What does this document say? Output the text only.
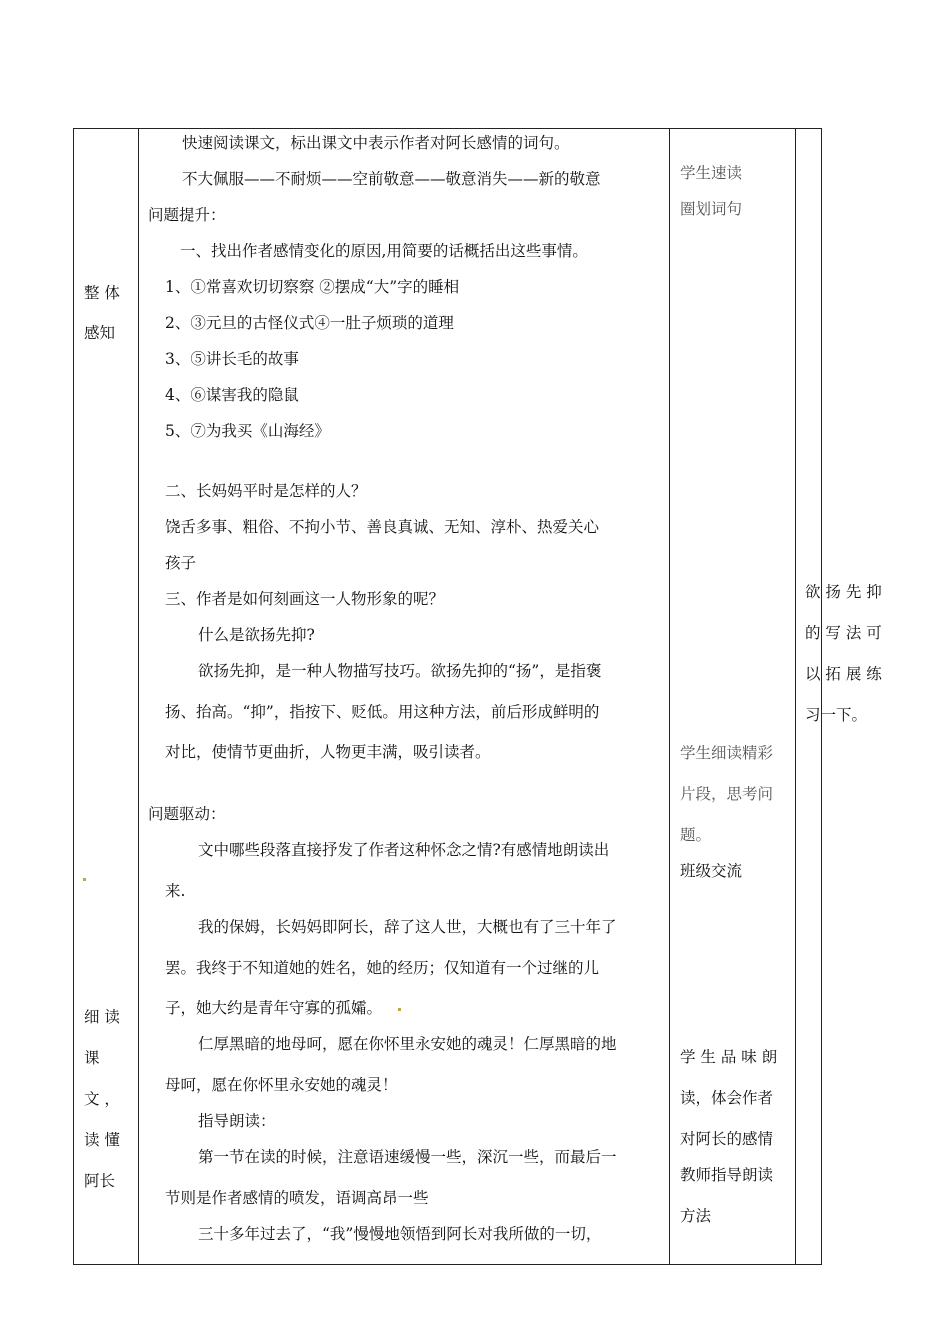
整 体
感知
细 读
课
文 ，
读 懂
阿长
快速阅读课文，标出课文中表示作者对阿长感情的词句。
不大佩服——不耐烦——空前敬意——敬意消失——新的敬意
问题提升：
一、找出作者感情变化的原因,用简要的话概括出这些事情。
1、①常喜欢切切察察 ②摆成“大”字的睡相
2、③元旦的古怪仪式④一肚子烦琐的道理
3、⑤讲长毛的故事
4、⑥谋害我的隐鼠
5、⑦为我买《山海经》
二、长妈妈平时是怎样的人？
饶舌多事、粗俗、不拘小节、善良真诚、无知、淳朴、热爱关心
孩子
三、作者是如何刻画这一人物形象的呢？
什么是欲扬先抑?
欲扬先抑，是一种人物描写技巧。欲扬先抑的“扬”，是指褒
扬、抬高。“抑”，指按下、贬低。用这种方法，前后形成鲜明的
对比，使情节更曲折，人物更丰满，吸引读者。
问题驱动：
文中哪些段落直接抒发了作者这种怀念之情?有感情地朗读出
来.
我的保姆，长妈妈即阿长，辞了这人世，大概也有了三十年了
罢。我终于不知道她的姓名，她的经历；仅知道有一个过继的儿
子，她大约是青年守寡的孤孀。
仁厚黑暗的地母呵，愿在你怀里永安她的魂灵！仁厚黑暗的地
母呵，愿在你怀里永安她的魂灵！
指导朗读：
第一节在读的时候，注意语速缓慢一些，深沉一些，而最后一
节则是作者感情的喷发，语调高昂一些
三十多年过去了，“我”慢慢地领悟到阿长对我所做的一切，
学生速读
圈划词句
学生细读精彩
片段，思考问
题。
班级交流
学 生 品 味 朗
读，体会作者
对阿长的感情
教师指导朗读
方法
欲 扬 先 抑
的 写 法 可
以 拓 展 练
习一下。
